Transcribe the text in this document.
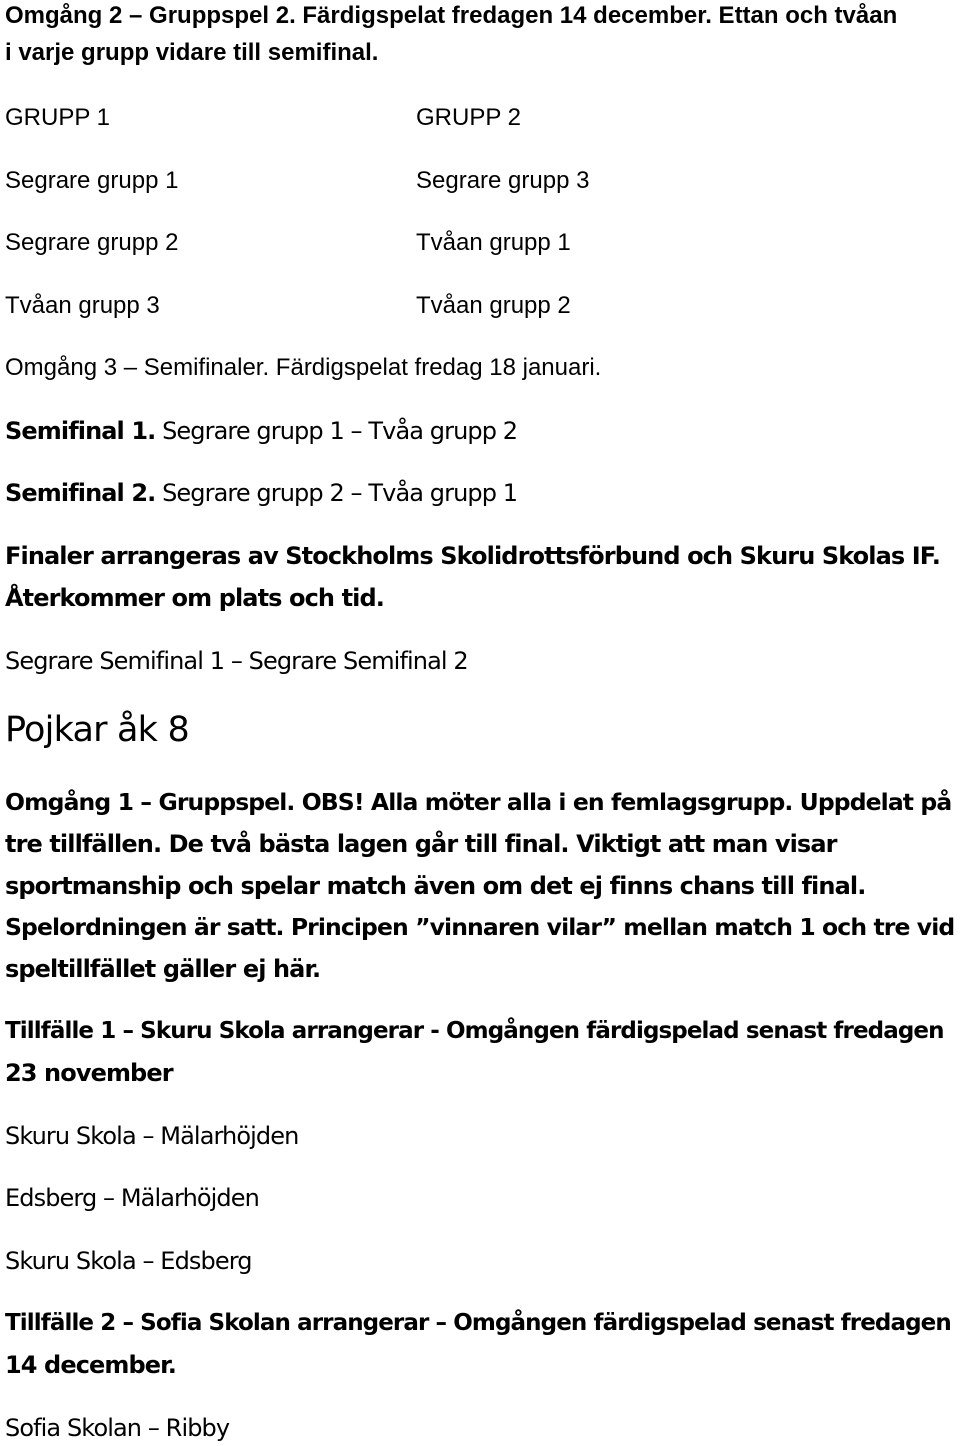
Omgång 2 – Gruppspel 2. Färdigspelat fredagen 14 december. Ettan och tvåan
i varje grupp vidare till semifinal.
GRUPP 1	GRUPP 2
Segrare grupp 1	Segrare grupp 3
Segrare grupp 2	Tvåan grupp 1
Tvåan grupp 3	Tvåan grupp 2
Omgång 3 – Semifinaler. Färdigspelat fredag 18 januari.
Semifinal 1. Segrare grupp 1 – Tvåa grupp 2
Semifinal 2. Segrare grupp 2 – Tvåa grupp 1
Finaler arrangeras av Stockholms Skolidrottsförbund och Skuru Skolas IF.
Återkommer om plats och tid.
Segrare Semifinal 1 – Segrare Semifinal 2
Pojkar åk 8
Omgång 1 – Gruppspel. OBS! Alla möter alla i en femlagsgrupp. Uppdelat på
tre tillfällen. De två bästa lagen går till final. Viktigt att man visar
sportmanship och spelar match även om det ej finns chans till final.
Spelordningen är satt. Principen ”vinnaren vilar” mellan match 1 och tre vid
speltillfället gäller ej här.
Tillfälle 1 – Skuru Skola arrangerar - Omgången färdigspelad senast fredagen
23 november
Skuru Skola – Mälarhöjden
Edsberg – Mälarhöjden
Skuru Skola – Edsberg
Tillfälle 2 – Sofia Skolan arrangerar – Omgången färdigspelad senast fredagen
14 december.
Sofia Skolan – Ribby
